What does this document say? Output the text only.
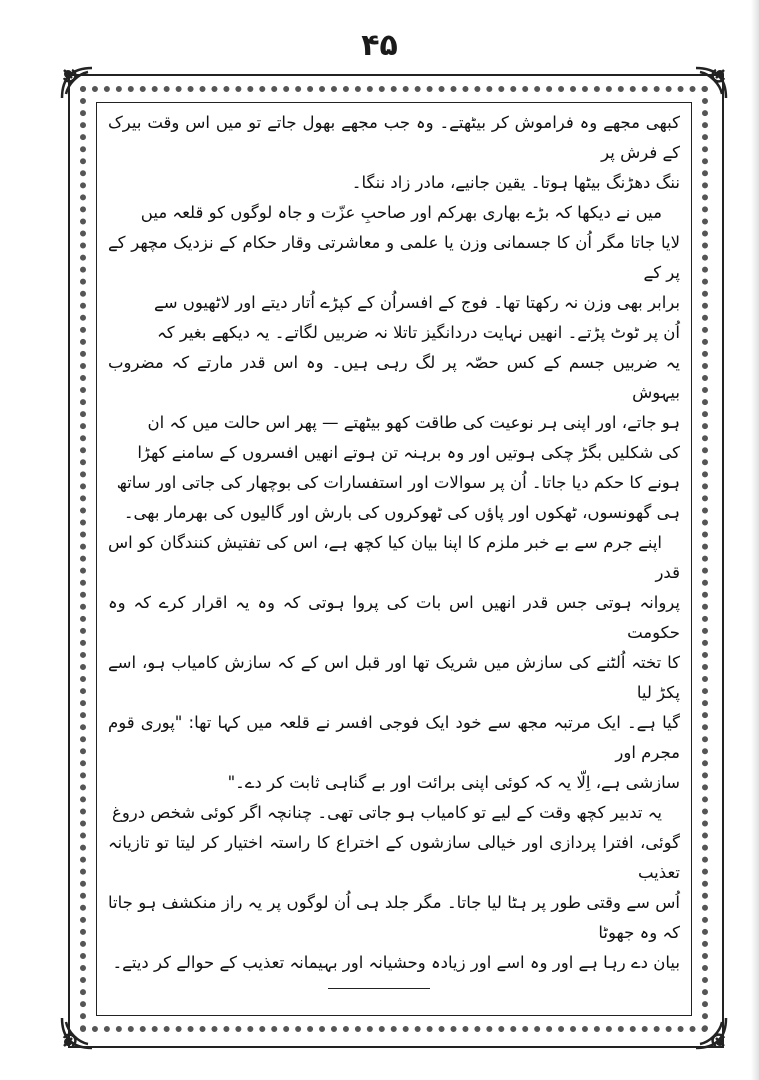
۴۵

کبھی مجھے وہ فراموش کر بیٹھتے۔ وہ جب مجھے بھول جاتے تو میں اس وقت بیرک کے فرش پر
ننگ دھڑنگ بیٹھا ہوتا۔ یقین جانیے، مادر زاد ننگا۔

میں نے دیکھا کہ بڑے بھاری بھرکم اور صاحبِ عزّت و جاہ لوگوں کو قلعہ میں
لایا جاتا مگر اُن کا جسمانی وزن یا علمی و معاشرتی وقار حکام کے نزدیک مچھر کے پر کے
برابر بھی وزن نہ رکھتا تھا۔ فوج کے افسراُن کے کپڑے اُتار دیتے اور لاٹھیوں سے
اُن پر ٹوٹ پڑتے۔ انھیں نہایت دردانگیز تاتلا نہ ضربیں لگاتے۔ یہ دیکھے بغیر کہ
یہ ضربیں جسم کے کس حصّہ پر لگ رہی ہیں۔ وہ اس قدر مارتے کہ مضروب بیہوش
ہو جاتے، اور اپنی ہر نوعیت کی طاقت کھو بیٹھتے — پھر اس حالت میں کہ ان
کی شکلیں بگڑ چکی ہوتیں اور وہ برہنہ تن ہوتے انھیں افسروں کے سامنے کھڑا
ہونے کا حکم دیا جاتا۔ اُن پر سوالات اور استفسارات کی بوچھار کی جاتی اور ساتھ
ہی گھونسوں، ٹھکوں اور پاؤں کی ٹھوکروں کی بارش اور گالیوں کی بھرمار بھی۔

اپنے جرم سے بے خبر ملزم کا اپنا بیان کیا کچھ ہے، اس کی تفتیش کنندگان کو اس قدر
پروانہ ہوتی جس قدر انھیں اس بات کی پروا ہوتی کہ وہ یہ اقرار کرے کہ وہ حکومت
کا تختہ اُلٹنے کی سازش میں شریک تھا اور قبل اس کے کہ سازش کامیاب ہو، اسے پکڑ لیا
گیا ہے۔ ایک مرتبہ مجھ سے خود ایک فوجی افسر نے قلعہ میں کہا تھا: "پوری قوم مجرم اور
سازشی ہے، اِلّا یہ کہ کوئی اپنی برائت اور بے گناہی ثابت کر دے۔"

یہ تدبیر کچھ وقت کے لیے تو کامیاب ہو جاتی تھی۔ چنانچہ اگر کوئی شخص دروغ
گوئی، افترا پردازی اور خیالی سازشوں کے اختراع کا راستہ اختیار کر لیتا تو تازیانہ تعذیب
اُس سے وقتی طور پر ہٹا لیا جاتا۔ مگر جلد ہی اُن لوگوں پر یہ راز منکشف ہو جاتا کہ وہ جھوٹا
بیان دے رہا ہے اور وہ اسے اور زیادہ وحشیانہ اور بہیمانہ تعذیب کے حوالے کر دیتے۔
